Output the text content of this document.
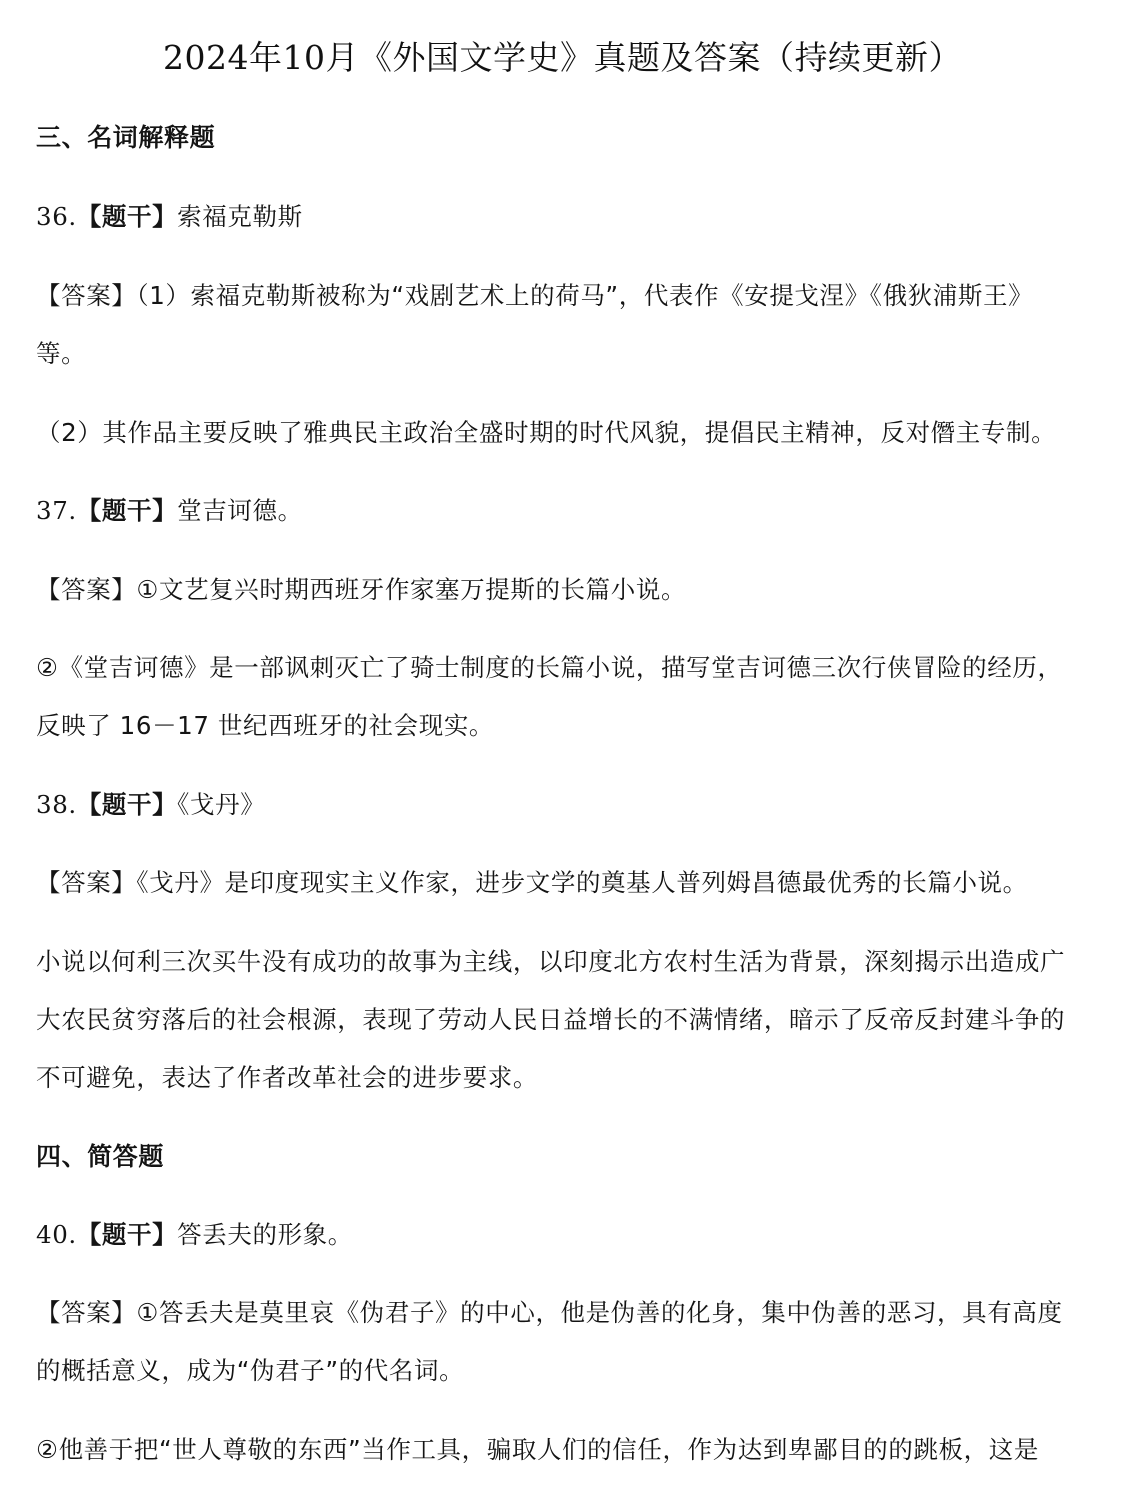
2024年10月《外国文学史》真题及答案（持续更新）
三、名词解释题
36.【题干】索福克勒斯
【答案】（1）索福克勒斯被称为“戏剧艺术上的荷马”，代表作《安提戈涅》《俄狄浦斯王》
等。
（2）其作品主要反映了雅典民主政治全盛时期的时代风貌，提倡民主精神，反对僭主专制。
37.【题干】堂吉诃德。
【答案】①文艺复兴时期西班牙作家塞万提斯的长篇小说。
②《堂吉诃德》是一部讽刺灭亡了骑士制度的长篇小说，描写堂吉诃德三次行侠冒险的经历，
反映了 16－17 世纪西班牙的社会现实。
38.【题干】《戈丹》
【答案】《戈丹》是印度现实主义作家，进步文学的奠基人普列姆昌德最优秀的长篇小说。
小说以何利三次买牛没有成功的故事为主线，以印度北方农村生活为背景，深刻揭示出造成广
大农民贫穷落后的社会根源，表现了劳动人民日益增长的不满情绪，暗示了反帝反封建斗争的
不可避免，表达了作者改革社会的进步要求。
四、简答题
40.【题干】答丢夫的形象。
【答案】①答丢夫是莫里哀《伪君子》的中心，他是伪善的化身，集中伪善的恶习，具有高度
的概括意义，成为“伪君子”的代名词。
②他善于把“世人尊敬的东西”当作工具，骗取人们的信任，作为达到卑鄙目的的跳板，这是
